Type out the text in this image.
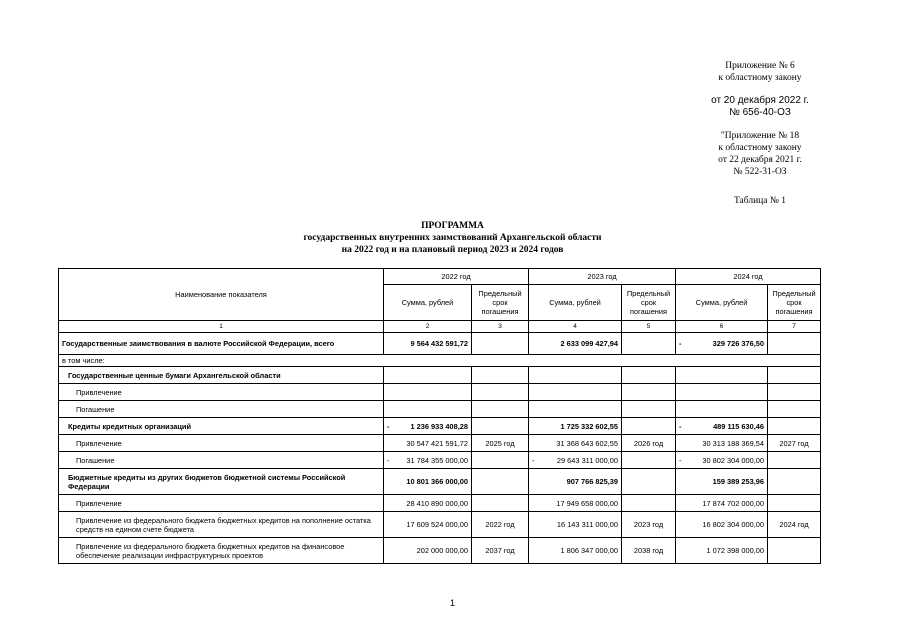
Приложение № 6
к областному закону
от 20 декабря 2022 г.
№ 656-40-ОЗ
"Приложение № 18
к областному закону
от 22 декабря 2021 г.
№ 522-31-ОЗ
Таблица № 1
ПРОГРАММА
государственных внутренних заимствований Архангельской области
на 2022 год и на плановый период 2023 и 2024 годов
Наименование показателя	2022 год		2023 год		2024 год	
	Сумма, рублей	Предельный срок погашения	Сумма, рублей	Предельный срок погашения	Сумма, рублей	Предельный срок погашения
1	2	3	4	5	6	7
Государственные заимствования в валюте Российской Федерации, всего	9 564 432 591,72		2 633 099 427,94		- 329 726 376,50	
в том числе:						
Государственные ценные бумаги Архангельской области						
Привлечение						
Погашение						
Кредиты кредитных организаций	- 1 236 933 408,28		1 725 332 602,55		- 489 115 630,46	
Привлечение	30 547 421 591,72	2025 год	31 368 643 602,55	2026 год	30 313 188 369,54	2027 год
Погашение	- 31 784 355 000,00		- 29 643 311 000,00		- 30 802 304 000,00	
Бюджетные кредиты из других бюджетов бюджетной системы Российской Федерации	10 801 366 000,00		907 766 825,39		159 389 253,96	
Привлечение	28 410 890 000,00		17 949 658 000,00		17 874 702 000,00	
Привлечение из федерального бюджета бюджетных кредитов на пополнение остатка средств на едином счете бюджета	17 609 524 000,00	2022 год	16 143 311 000,00	2023 год	16 802 304 000,00	2024 год
Привлечение из федерального бюджета бюджетных кредитов на финансовое обеспечение реализации инфраструктурных проектов	202 000 000,00	2037 год	1 806 347 000,00	2038 год	1 072 398 000,00	
1
